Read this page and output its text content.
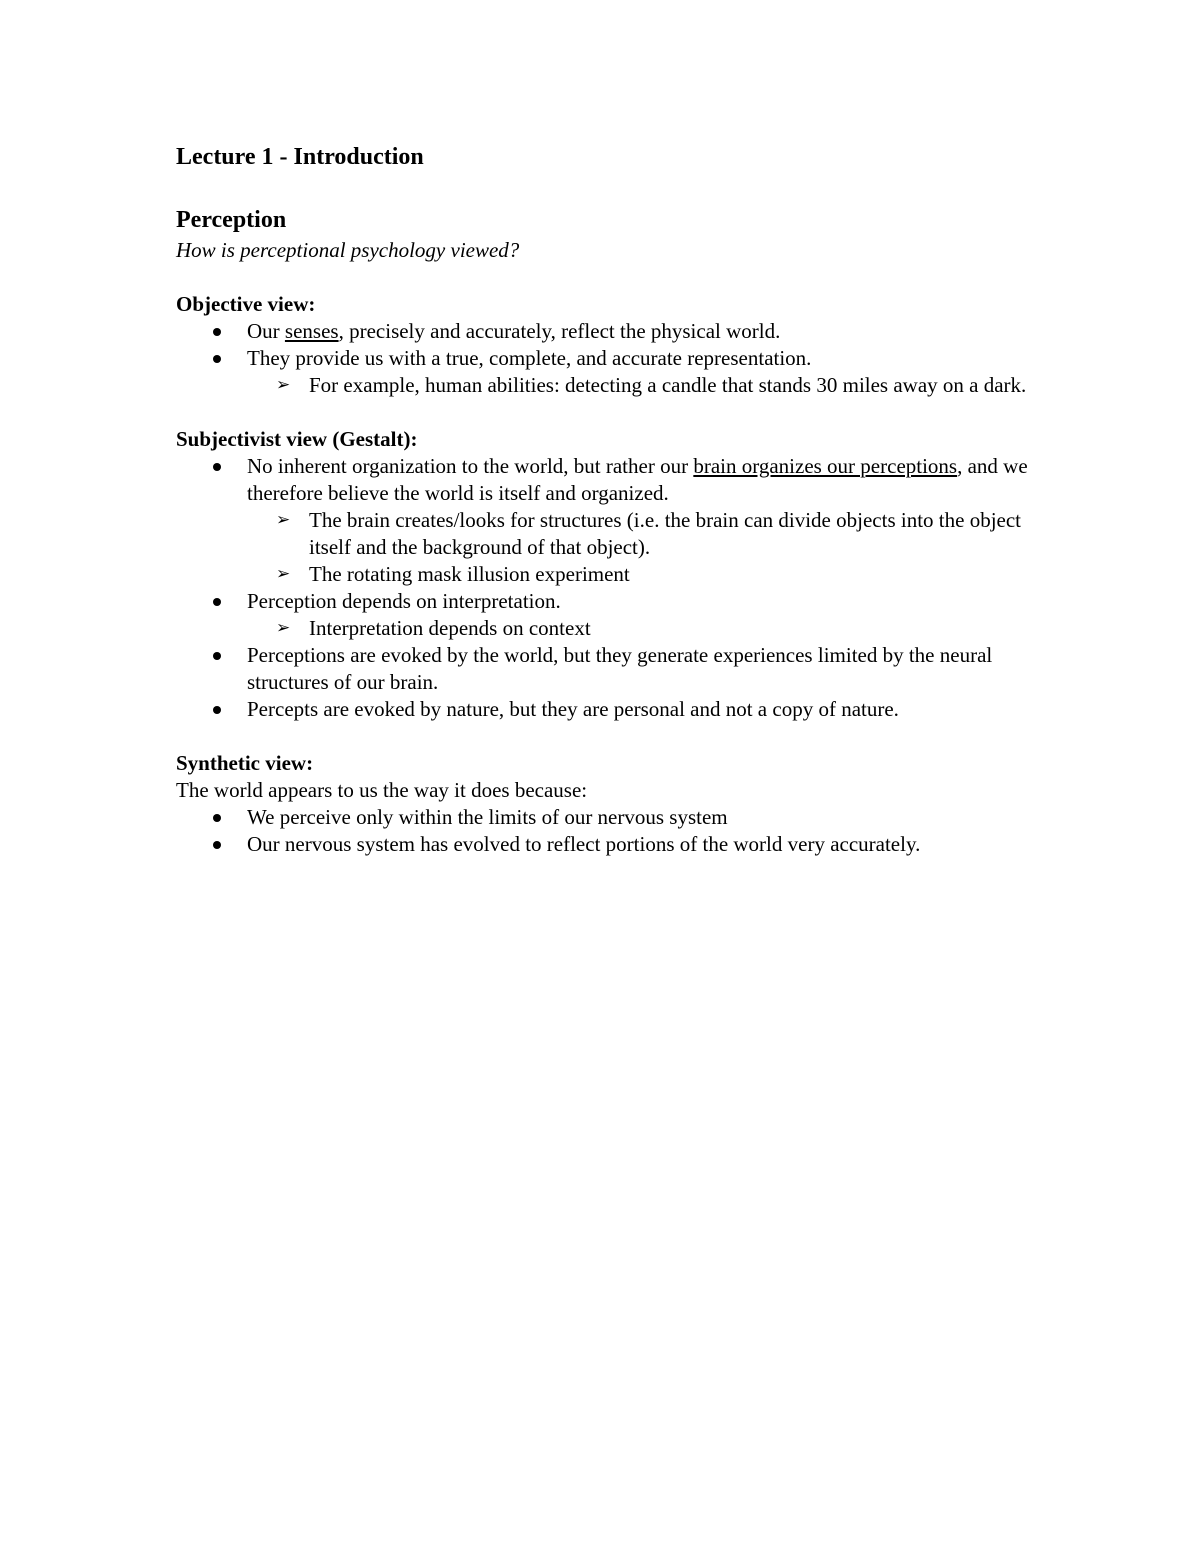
Lecture 1 - Introduction
Perception

How is perceptional psychology viewed?

Objective view:

Our senses, precisely and accurately, reflect the physical world.
They provide us with a true, complete, and accurate representation.
➢ For example, human abilities: detecting a candle that stands 30 miles away on a dark.

Subjectivist view (Gestalt):

No inherent organization to the world, but rather our brain organizes our perceptions, and we therefore believe the world is itself and organized.
➢ The brain creates/looks for structures (i.e. the brain can divide objects into the object itself and the background of that object).
➢ The rotating mask illusion experiment
Perception depends on interpretation.
➢ Interpretation depends on context
Perceptions are evoked by the world, but they generate experiences limited by the neural structures of our brain.
Percepts are evoked by nature, but they are personal and not a copy of nature.

Synthetic view:

The world appears to us the way it does because:

We perceive only within the limits of our nervous system
Our nervous system has evolved to reflect portions of the world very accurately.
